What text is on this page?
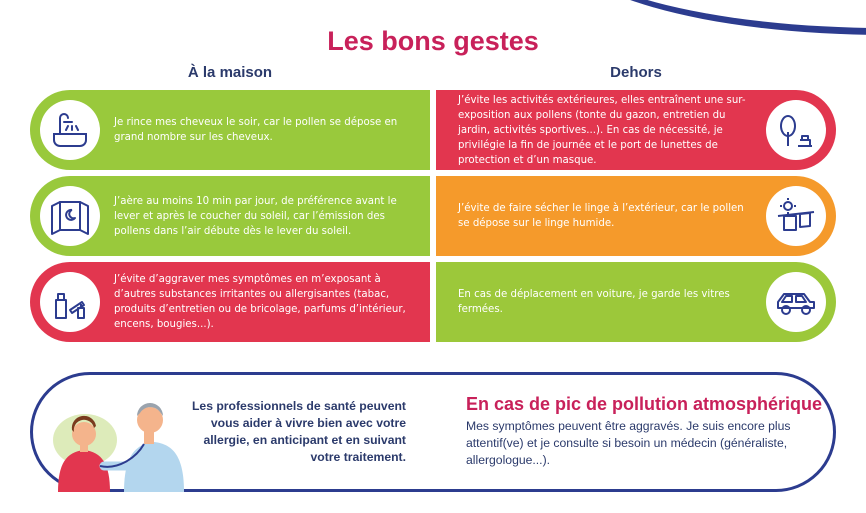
Les bons gestes
À la maison	Dehors
Je rince mes cheveux le soir, car le pollen se dépose en grand nombre sur les cheveux.
J’aère au moins 10 min par jour, de préférence avant le lever et après le coucher du soleil, car l’émission des pollens dans l’air débute dès le lever du soleil.
J’évite d’aggraver mes symptômes en m’exposant à d’autres substances irritantes ou allergisantes (tabac, produits d’entretien ou de bricolage, parfums d’intérieur, encens, bougies...).
J’évite les activités extérieures, elles entraînent une sur-exposition aux pollens (tonte du gazon, entretien du jardin, activités sportives...). En cas de nécessité, je privilégie la fin de journée et le port de lunettes de protection et d’un masque.
J’évite de faire sécher le linge à l’extérieur, car le pollen se dépose sur le linge humide.
En cas de déplacement en voiture, je garde les vitres fermées.
Les professionnels de santé peuvent vous aider à vivre bien avec votre allergie, en anticipant et en suivant votre traitement.
En cas de pic de pollution atmosphérique
Mes symptômes peuvent être aggravés. Je suis encore plus attentif(ve) et je consulte si besoin un médecin (généraliste, allergologue...).
